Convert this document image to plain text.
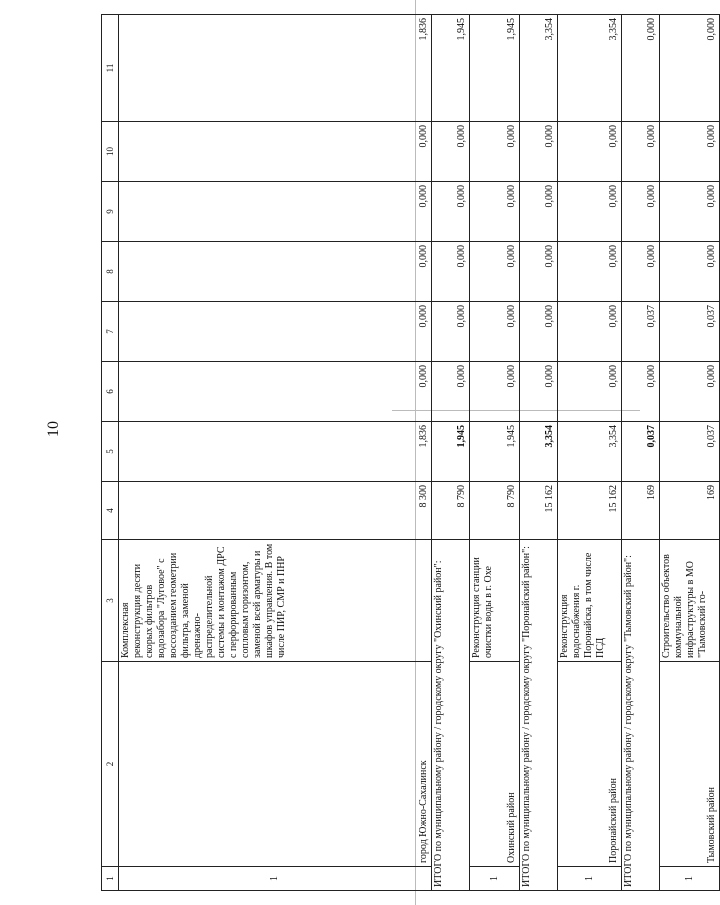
10
1	2	3	4	5	6	7	8	9	10	11
1	город Южно-Сахалинск	Комплексная реконструкция десяти скорых фильтров водозабора "Луговое" с воссозданием геометрии фильтра, заменой дренажно-распределительной системы и монтажом ДРС с перфорированным сопловым горизонтом, заменой всей арматуры и шкафов управления. В том числе ПИР, СМР и ПНР	8 300	1,836	0,000	0,000	0,000	0,000	0,000	1,836
ИТОГО по муниципальному району / городскому округу "Охинский район":			8 790	1,945	0,000	0,000	0,000	0,000	0,000	1,945
1	Охинский район	Реконструкция станции очистки воды в г. Охе	8 790	1,945	0,000	0,000	0,000	0,000	0,000	1,945
ИТОГО по муниципальному району / городскому округу "Поронайский район":			15 162	3,354	0,000	0,000	0,000	0,000	0,000	3,354
1	Поронайский район	Реконструкция водоснабжения г. Поронайска, в том числе ПСД	15 162	3,354	0,000	0,000	0,000	0,000	0,000	3,354
ИТОГО по муниципальному району / городскому округу "Тымовский район":			169	0,037	0,000	0,037	0,000	0,000	0,000	0,000
1	Тымовский район	Строительство объектов коммунальной инфраструктуры в МО "Тымовский го-	169	0,037	0,000	0,037	0,000	0,000	0,000	0,000
